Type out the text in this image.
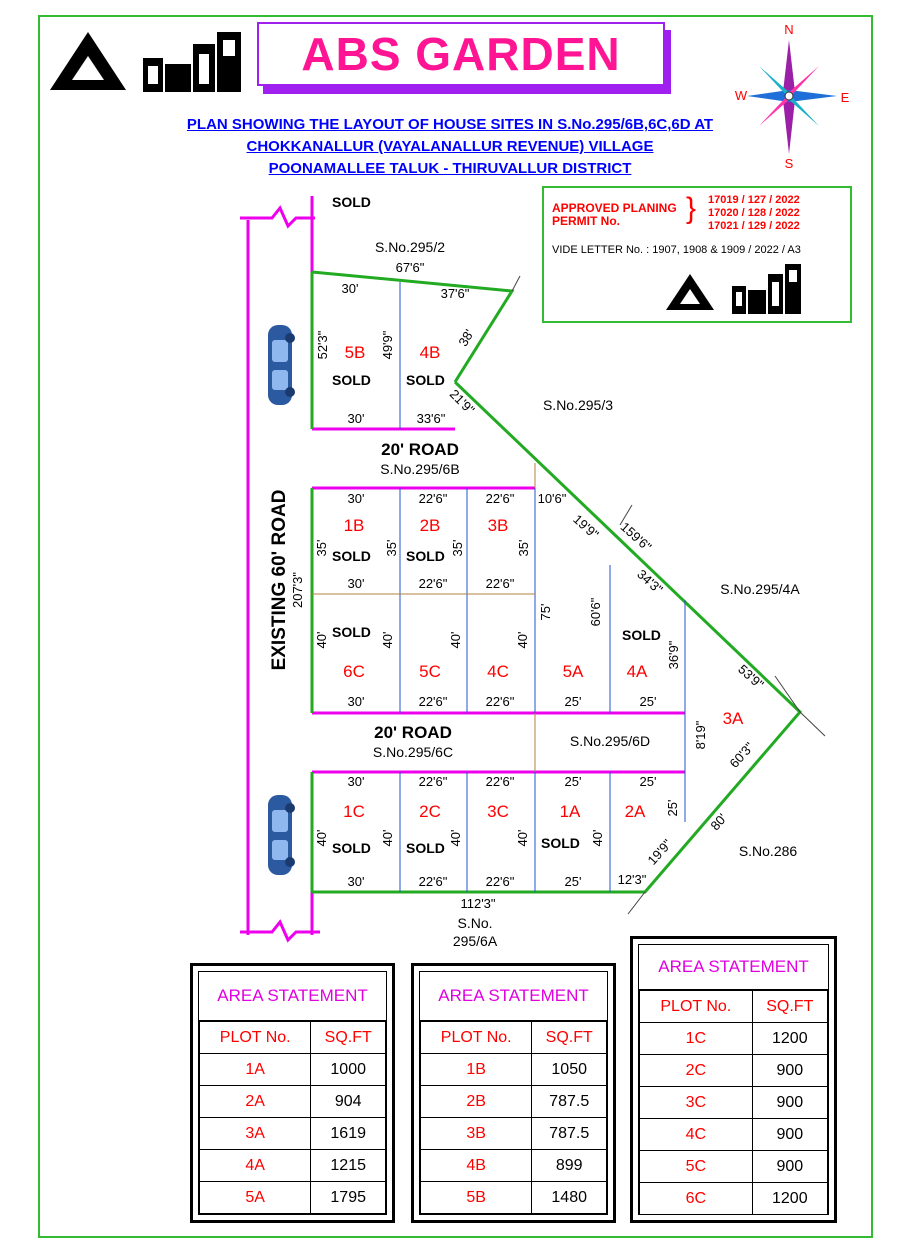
ABS GARDEN	N
S
E
W
PLAN SHOWING THE LAYOUT OF HOUSE SITES IN S.No.295/6B,6C,6D AT
CHOKKANALLUR (VAYALANALLUR REVENUE) VILLAGE
POONAMALLEE TALUK - THIRUVALLUR DISTRICT
APPROVED PLANING
PERMIT No.	} 17019 / 127 / 2022
17020 / 128 / 2022
17021 / 129 / 2022
VIDE LETTER No. : 1907, 1908 & 1909 / 2022 / A3
EXISTING 60' ROAD
20' ROAD
S.No.295/6B
20' ROAD
S.No.295/6C
S.No.295/2
S.No.295/3
S.No.295/4A
S.No.295/6D
S.No.286
S.No.
295/6A
SOLD
SOLD	SOLD
SOLD	SOLD
SOLD	SOLD
SOLD	SOLD	SOLD
5B	4B
1B	2B	3B
6C	5C	4C	5A	4A
3A
1C	2C	3C	1A	2A
67'6"
30'	37'6"
52'3"	49'9"	38'
30'	33'6"
21'9"
30'	22'6"	22'6" 10'6"
19'9" 159'6"
35'	35'	35'	35'
207'3"	30'	22'6"	22'6"	34'3"
75'	60'6"
40'	40'	40'	40'
36'9"
53'9"
30'	22'6"	22'6"	25'	25'
8'19"
60'3"
30'	22'6"	22'6"	25'	25'
25'
80'
40'	40'	40'	40'	40'	19'9"
30'	22'6"	22'6"	25'	12'3"
112'3"
AREA STATEMENT
PLOT No.	SQ.FT
1A	1000
2A	904
3A	1619
4A	1215
5A	1795
AREA STATEMENT
PLOT No.	SQ.FT
1B	1050
2B	787.5
3B	787.5
4B	899
5B	1480
AREA STATEMENT
PLOT No.	SQ.FT
1C	1200
2C	900
3C	900
4C	900
5C	900
6C	1200
